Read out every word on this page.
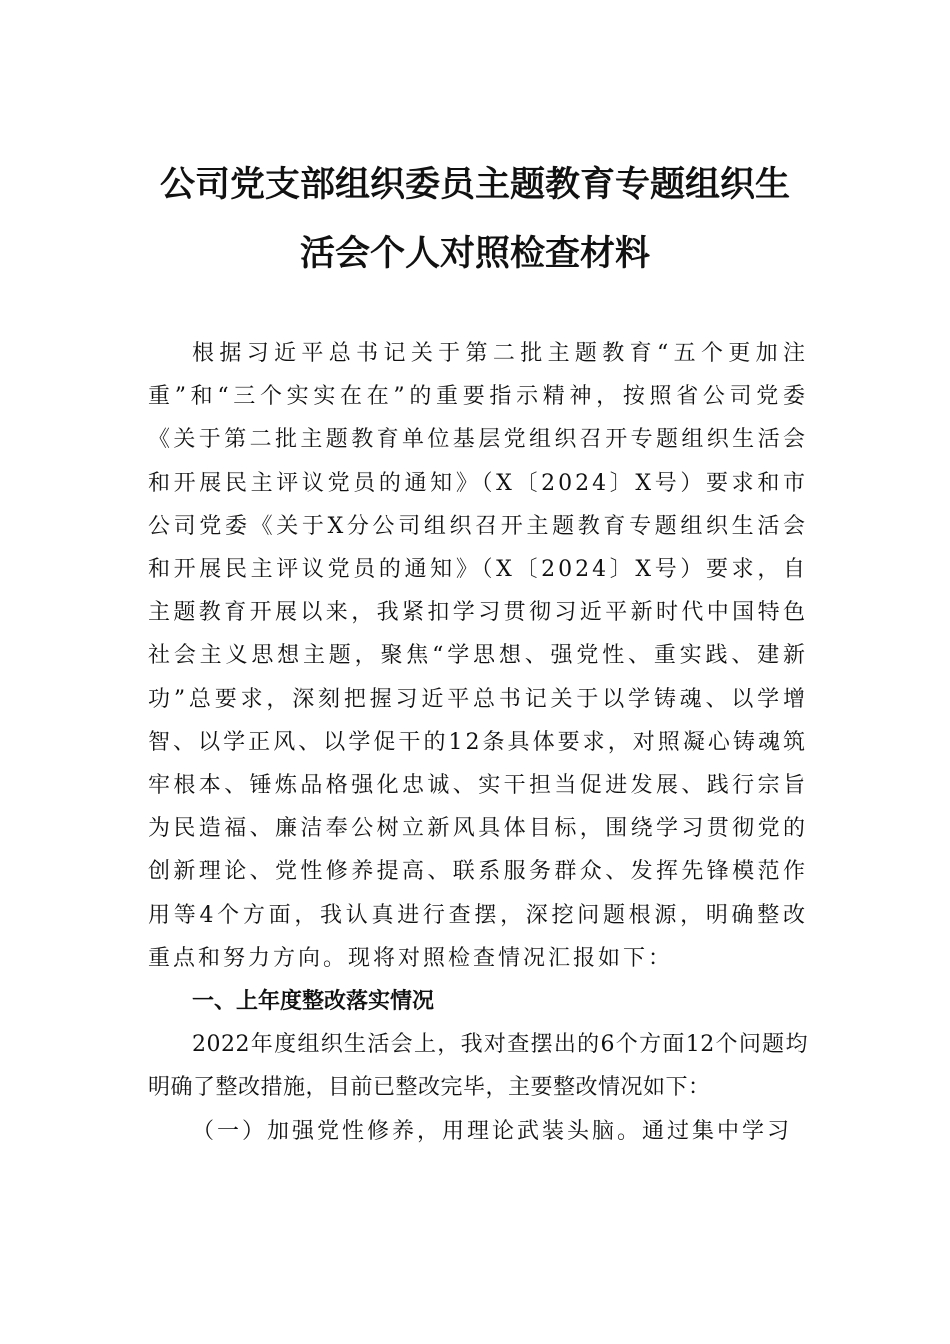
公司党支部组织委员主题教育专题组织生
活会个人对照检查材料

根据习近平总书记关于第二批主题教育“五个更加注重”和“三个实实在在”的重要指示精神，按照省公司党委《关于第二批主题教育单位基层党组织召开专题组织生活会和开展民主评议党员的通知》（X〔2024〕X号）要求和市公司党委《关于X分公司组织召开主题教育专题组织生活会和开展民主评议党员的通知》（X〔2024〕X号）要求，自主题教育开展以来，我紧扣学习贯彻习近平新时代中国特色社会主义思想主题，聚焦“学思想、强党性、重实践、建新功”总要求，深刻把握习近平总书记关于以学铸魂、以学增智、以学正风、以学促干的12条具体要求，对照凝心铸魂筑牢根本、锤炼品格强化忠诚、实干担当促进发展、践行宗旨为民造福、廉洁奉公树立新风具体目标，围绕学习贯彻党的创新理论、党性修养提高、联系服务群众、发挥先锋模范作用等4个方面，我认真进行查摆，深挖问题根源，明确整改重点和努力方向。现将对照检查情况汇报如下：

一、上年度整改落实情况

2022年度组织生活会上，我对查摆出的6个方面12个问题均明确了整改措施，目前已整改完毕，主要整改情况如下：

（一）加强党性修养，用理论武装头脑。通过集中学习
